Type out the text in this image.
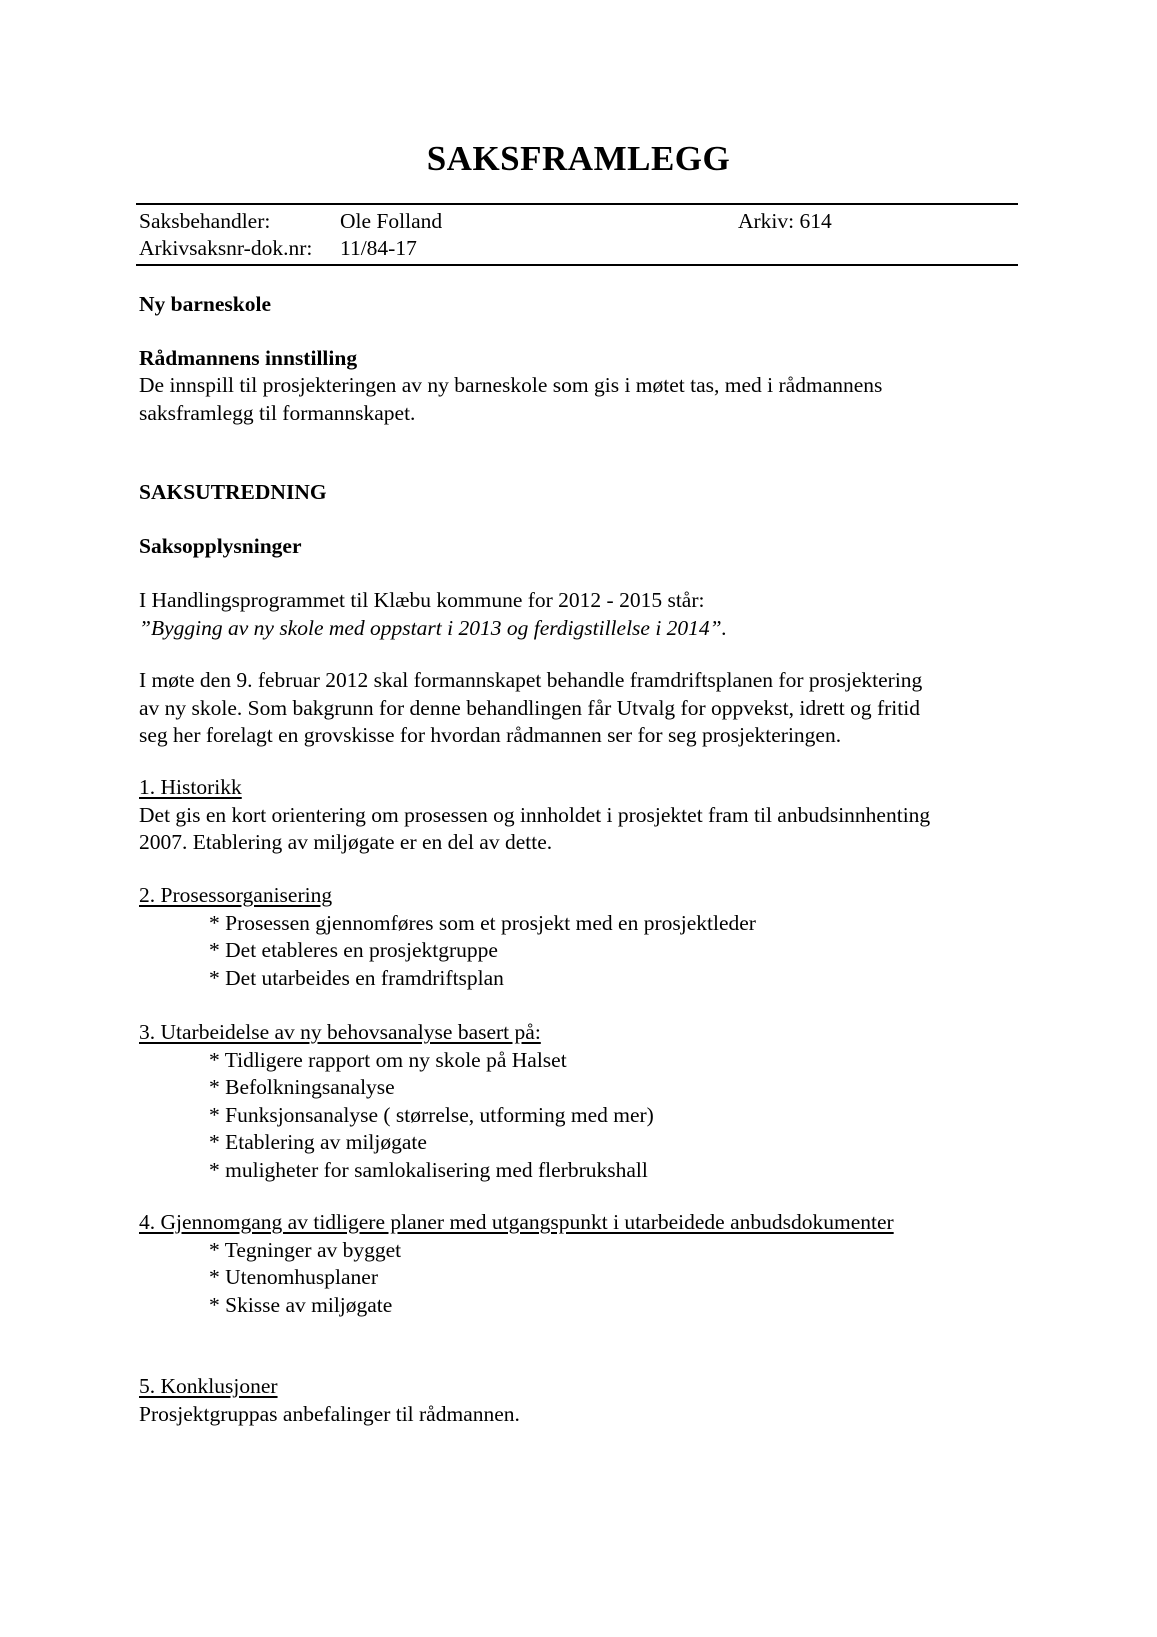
SAKSFRAMLEGG
Saksbehandler:	Ole Folland	Arkiv: 614
Arkivsaksnr-dok.nr: 11/84-17
Ny barneskole
Rådmannens innstilling
De innspill til prosjekteringen av ny barneskole som gis i møtet tas, med i rådmannens
saksframlegg til formannskapet.
SAKSUTREDNING
Saksopplysninger
I Handlingsprogrammet til Klæbu kommune for 2012 - 2015 står:
”Bygging av ny skole med oppstart i 2013 og ferdigstillelse i 2014”.
I møte den 9. februar 2012 skal formannskapet behandle framdriftsplanen for prosjektering
av ny skole. Som bakgrunn for denne behandlingen får Utvalg for oppvekst, idrett og fritid
seg her forelagt en grovskisse for hvordan rådmannen ser for seg prosjekteringen.
1. Historikk
Det gis en kort orientering om prosessen og innholdet i prosjektet fram til anbudsinnhenting
2007. Etablering av miljøgate er en del av dette.
2. Prosessorganisering
* Prosessen gjennomføres som et prosjekt med en prosjektleder
* Det etableres en prosjektgruppe
* Det utarbeides en framdriftsplan
3. Utarbeidelse av ny behovsanalyse basert på:
* Tidligere rapport om ny skole på Halset
* Befolkningsanalyse
* Funksjonsanalyse ( størrelse, utforming med mer)
* Etablering av miljøgate
* muligheter for samlokalisering med flerbrukshall
4. Gjennomgang av tidligere planer med utgangspunkt i utarbeidede anbudsdokumenter
* Tegninger av bygget
* Utenomhusplaner
* Skisse av miljøgate
5. Konklusjoner
Prosjektgruppas anbefalinger til rådmannen.
